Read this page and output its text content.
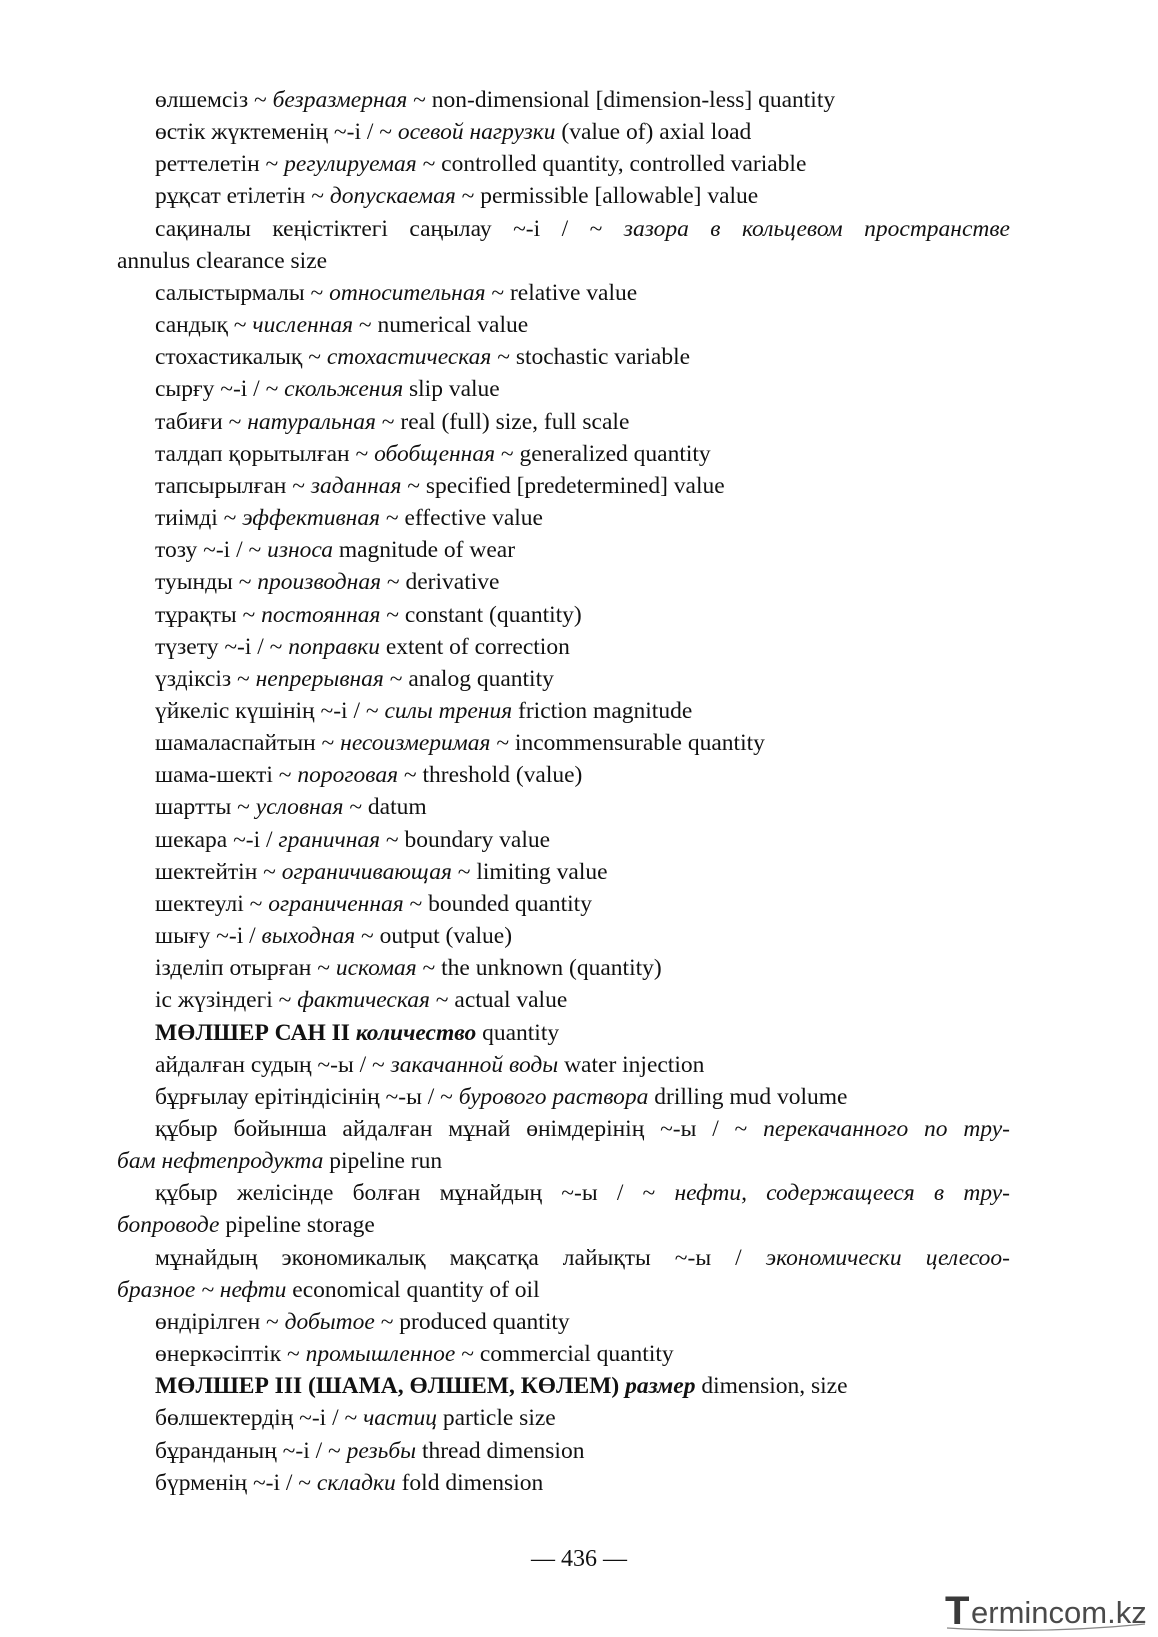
өлшемсіз ~ безразмерная ~ non-dimensional [dimension-less] quantity
өстік жүктеменің ~-і / ~ осевой нагрузки (value of) axial load
реттелетін ~ регулируемая ~ controlled quantity, controlled variable
рұқсат етілетін ~ допускаемая ~ permissible [allowable] value
сақиналы кеңістіктегі саңылау ~-і / ~ зазора в кольцевом пространстве
annulus clearance size
салыстырмалы ~ относительная ~ relative value
сандық ~ численная ~ numerical value
стохастикалық ~ стохастическая ~ stochastic variable
сырғу ~-і / ~ скольжения slip value
табиғи ~ натуральная ~ real (full) size, full scale
талдап қорытылған ~ обобщенная ~ generalized quantity
тапсырылған ~ заданная ~ specified [predetermined] value
тиімді ~ эффективная ~ effective value
тозу ~-і / ~ износа magnitude of wear
туынды ~ производная ~ derivative
тұрақты ~ постоянная ~ constant (quantity)
түзету ~-і / ~ поправки extent of correction
үздіксіз ~ непрерывная ~ analog quantity
үйкеліс күшінің ~-і / ~ силы трения friction magnitude
шамаласпайтын ~ несоизмеримая ~ incommensurable quantity
шама-шекті ~ пороговая ~ threshold (value)
шартты ~ условная ~ datum
шекара ~-і / граничная ~ boundary value
шектейтін ~ ограничивающая ~ limiting value
шектеулі ~ ограниченная ~ bounded quantity
шығу ~-і / выходная ~ output (value)
ізделіп отырған ~ искомая ~ the unknown (quantity)
іс жүзіндегі ~ фактическая ~ actual value
МӨЛШЕР САН ІІ количество quantity
айдалған судың ~-ы / ~ закачанной воды water injection
бұрғылау ерітіндісінің ~-ы / ~ бурового раствора drilling mud volume
құбыр бойынша айдалған мұнай өнімдерінің ~-ы / ~ перекачанного по тру-
бам нефтепродукта pipeline run
құбыр желісінде болған мұнайдың ~-ы / ~ нефти, содержащееся в тру-
бопроводе pipeline storage
мұнайдың экономикалық мақсатқа лайықты ~-ы / экономически целесоо-
бразное ~ нефти economical quantity of oil
өндірілген ~ добытое ~ produced quantity
өнеркәсіптік ~ промышленное ~ commercial quantity
МӨЛШЕР ІІІ (ШАМА, ӨЛШЕМ, КӨЛЕМ) размер dimension, size
бөлшектердің ~-і / ~ частиц particle size
бұранданың ~-і / ~ резьбы thread dimension
бүрменің ~-і / ~ складки fold dimension
— 436 —
T ermincom.kz
